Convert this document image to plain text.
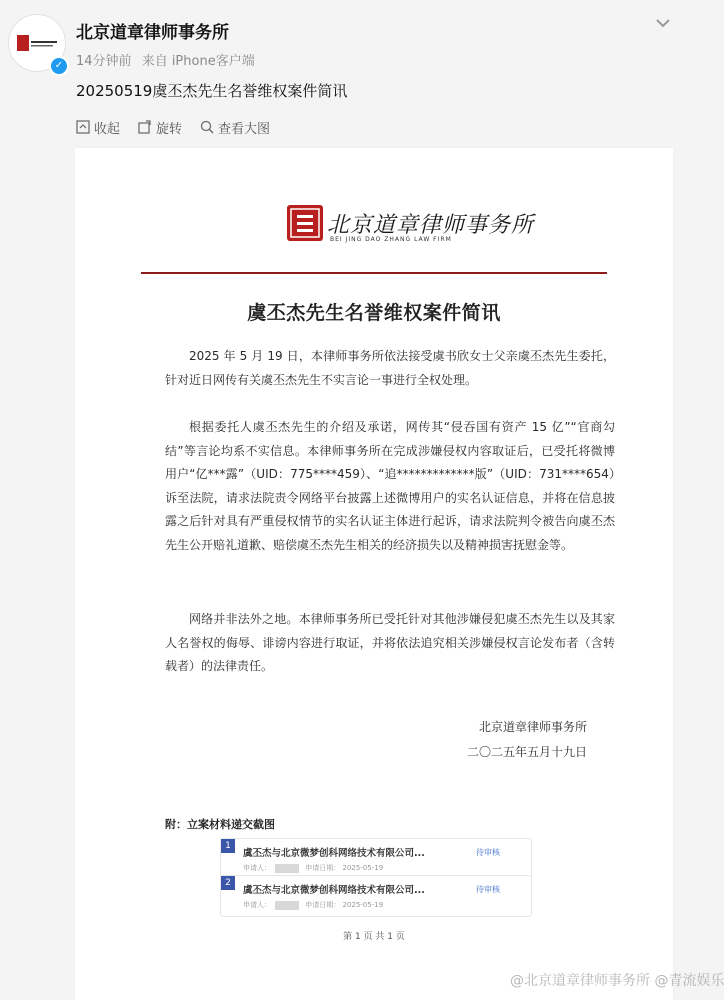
✓
北京道章律师事务所
14分钟前 来自 iPhone客户端
20250519虞丕杰先生名誉维权案件简讯
收起	旋转	查看大图
北京道章律师事务所
BEI JING DAO ZHANG LAW FIRM
虞丕杰先生名誉维权案件简讯
2025 年 5 月 19 日，本律师事务所依法接受虞书欣女士父亲虞丕杰先生委托，针对近日网传有关虞丕杰先生不实言论一事进行全权处理。
根据委托人虞丕杰先生的介绍及承诺，网传其“侵吞国有资产 15 亿”“官商勾结”等言论均系不实信息。本律师事务所在完成涉嫌侵权内容取证后，已受托将微博用户“亿***露”（UID：775****459）、“追*************版”（UID：731****654）诉至法院，请求法院责令网络平台披露上述微博用户的实名认证信息，并将在信息披露之后针对具有严重侵权情节的实名认证主体进行起诉，请求法院判令被告向虞丕杰先生公开赔礼道歉、赔偿虞丕杰先生相关的经济损失以及精神损害抚慰金等。
网络并非法外之地。本律师事务所已受托针对其他涉嫌侵犯虞丕杰先生以及其家人名誉权的侮辱、诽谤内容进行取证，并将依法追究相关涉嫌侵权言论发布者（含转载者）的法律责任。
北京道章律师事务所
二〇二五年五月十九日
附：立案材料递交截图
1
虞丕杰与北京微梦创科网络技术有限公司...	待审核
申请人：	申请日期： 2025-05-19
2
虞丕杰与北京微梦创科网络技术有限公司...	待审核
申请人：	申请日期： 2025-05-19
第 1 页 共 1 页
@北京道章律师事务所 @青流娱乐
